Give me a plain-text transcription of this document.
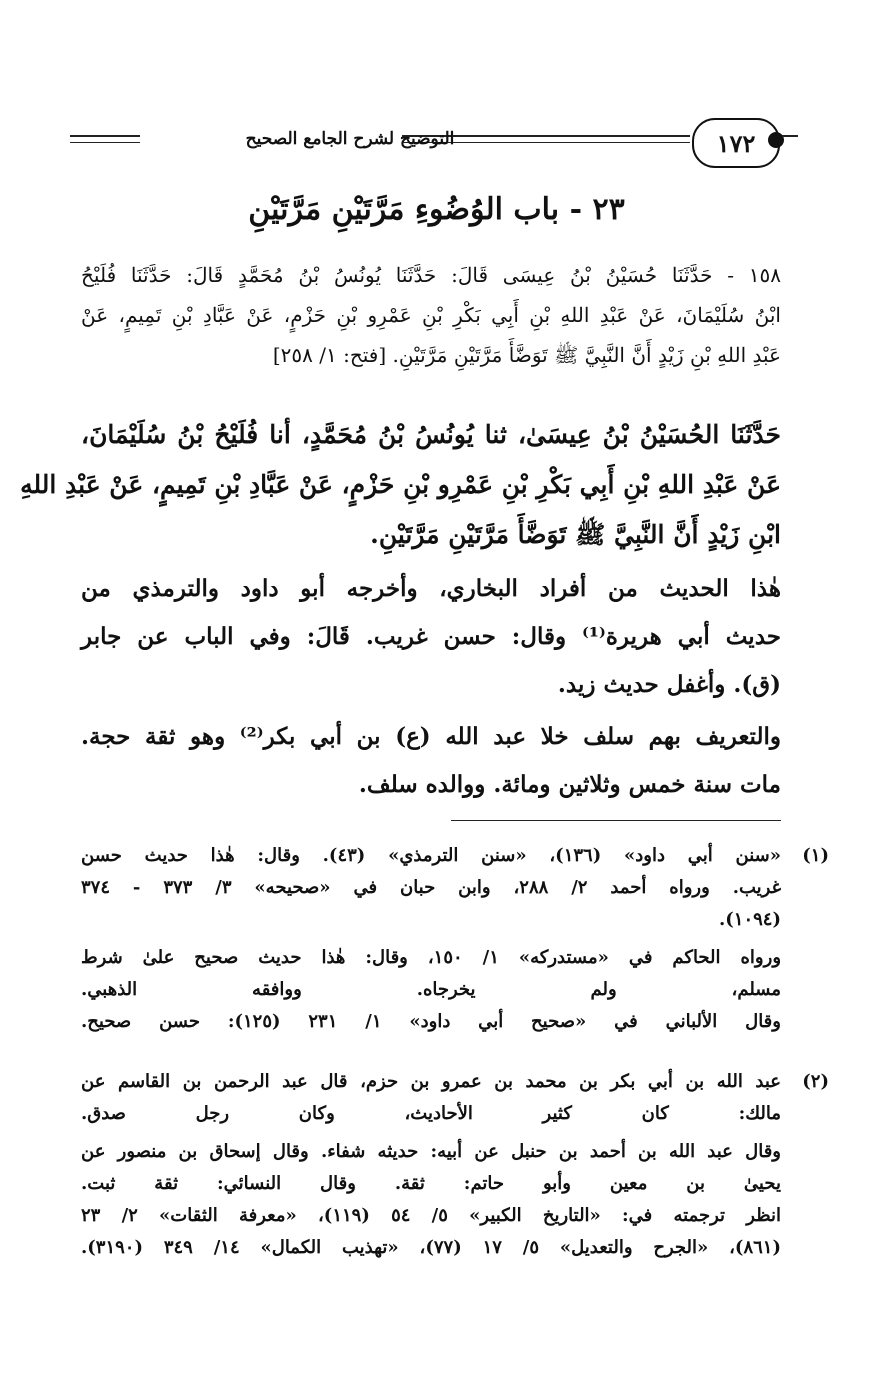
التوضيح لشرح الجامع الصحيح	١٧٢
٢٣ - باب الوُضُوءِ مَرَّتَيْنِ مَرَّتَيْنِ
١٥٨ - حَدَّثَنَا حُسَيْنُ بْنُ عِيسَى قَالَ: حَدَّثَنَا يُونُسُ بْنُ مُحَمَّدٍ قَالَ: حَدَّثَنَا فُلَيْحُ
ابْنُ سُلَيْمَانَ، عَنْ عَبْدِ اللهِ بْنِ أَبِي بَكْرِ بْنِ عَمْرِو بْنِ حَزْمٍ، عَنْ عَبَّادِ بْنِ تَمِيمٍ، عَنْ
عَبْدِ اللهِ بْنِ زَيْدٍ أَنَّ النَّبِيَّ ﷺ تَوَضَّأَ مَرَّتَيْنِ مَرَّتَيْنِ. [فتح: ١/ ٢٥٨]
حَدَّثَنَا الحُسَيْنُ بْنُ عِيسَىٰ، ثنا يُونُسُ بْنُ مُحَمَّدٍ، أنا فُلَيْحُ بْنُ سُلَيْمَانَ،
عَنْ عَبْدِ اللهِ بْنِ أَبِي بَكْرِ بْنِ عَمْرِو بْنِ حَزْمٍ، عَنْ عَبَّادِ بْنِ تَمِيمٍ، عَنْ عَبْدِ اللهِ
ابْنِ زَيْدٍ أَنَّ النَّبِيَّ ﷺ تَوَضَّأَ مَرَّتَيْنِ مَرَّتَيْنِ.
هٰذا الحديث من أفراد البخاري، وأخرجه أبو داود والترمذي من
حديث أبي هريرة⁽¹⁾ وقال: حسن غريب. قَالَ: وفي الباب عن جابر
(ق). وأغفل حديث زيد.
والتعريف بهم سلف خلا عبد الله (ع) بن أبي بكر⁽²⁾ وهو ثقة حجة.
مات سنة خمس وثلاثين ومائة. ووالده سلف.
(١)
«سنن أبي داود» (١٣٦)، «سنن الترمذي» (٤٣). وقال: هٰذا حديث حسن
غريب. ورواه أحمد ٢/ ٢٨٨، وابن حبان في «صحيحه» ٣/ ٣٧٣ - ٣٧٤
(١٠٩٤).
ورواه الحاكم في «مستدركه» ١/ ١٥٠، وقال: هٰذا حديث صحيح علىٰ شرط
مسلم، ولم يخرجاه. ووافقه الذهبي.
وقال الألباني في «صحيح أبي داود» ١/ ٢٣١ (١٢٥): حسن صحيح.
(٢)
عبد الله بن أبي بكر بن محمد بن عمرو بن حزم، قال عبد الرحمن بن القاسم عن
مالك: كان كثير الأحاديث، وكان رجل صدق.
وقال عبد الله بن أحمد بن حنبل عن أبيه: حديثه شفاء. وقال إسحاق بن منصور عن
يحيىٰ بن معين وأبو حاتم: ثقة. وقال النسائي: ثقة ثبت.
انظر ترجمته في: «التاريخ الكبير» ٥/ ٥٤ (١١٩)، «معرفة الثقات» ٢/ ٢٣
(٨٦١)، «الجرح والتعديل» ٥/ ١٧ (٧٧)، «تهذيب الكمال» ١٤/ ٣٤٩ (٣١٩٠).
